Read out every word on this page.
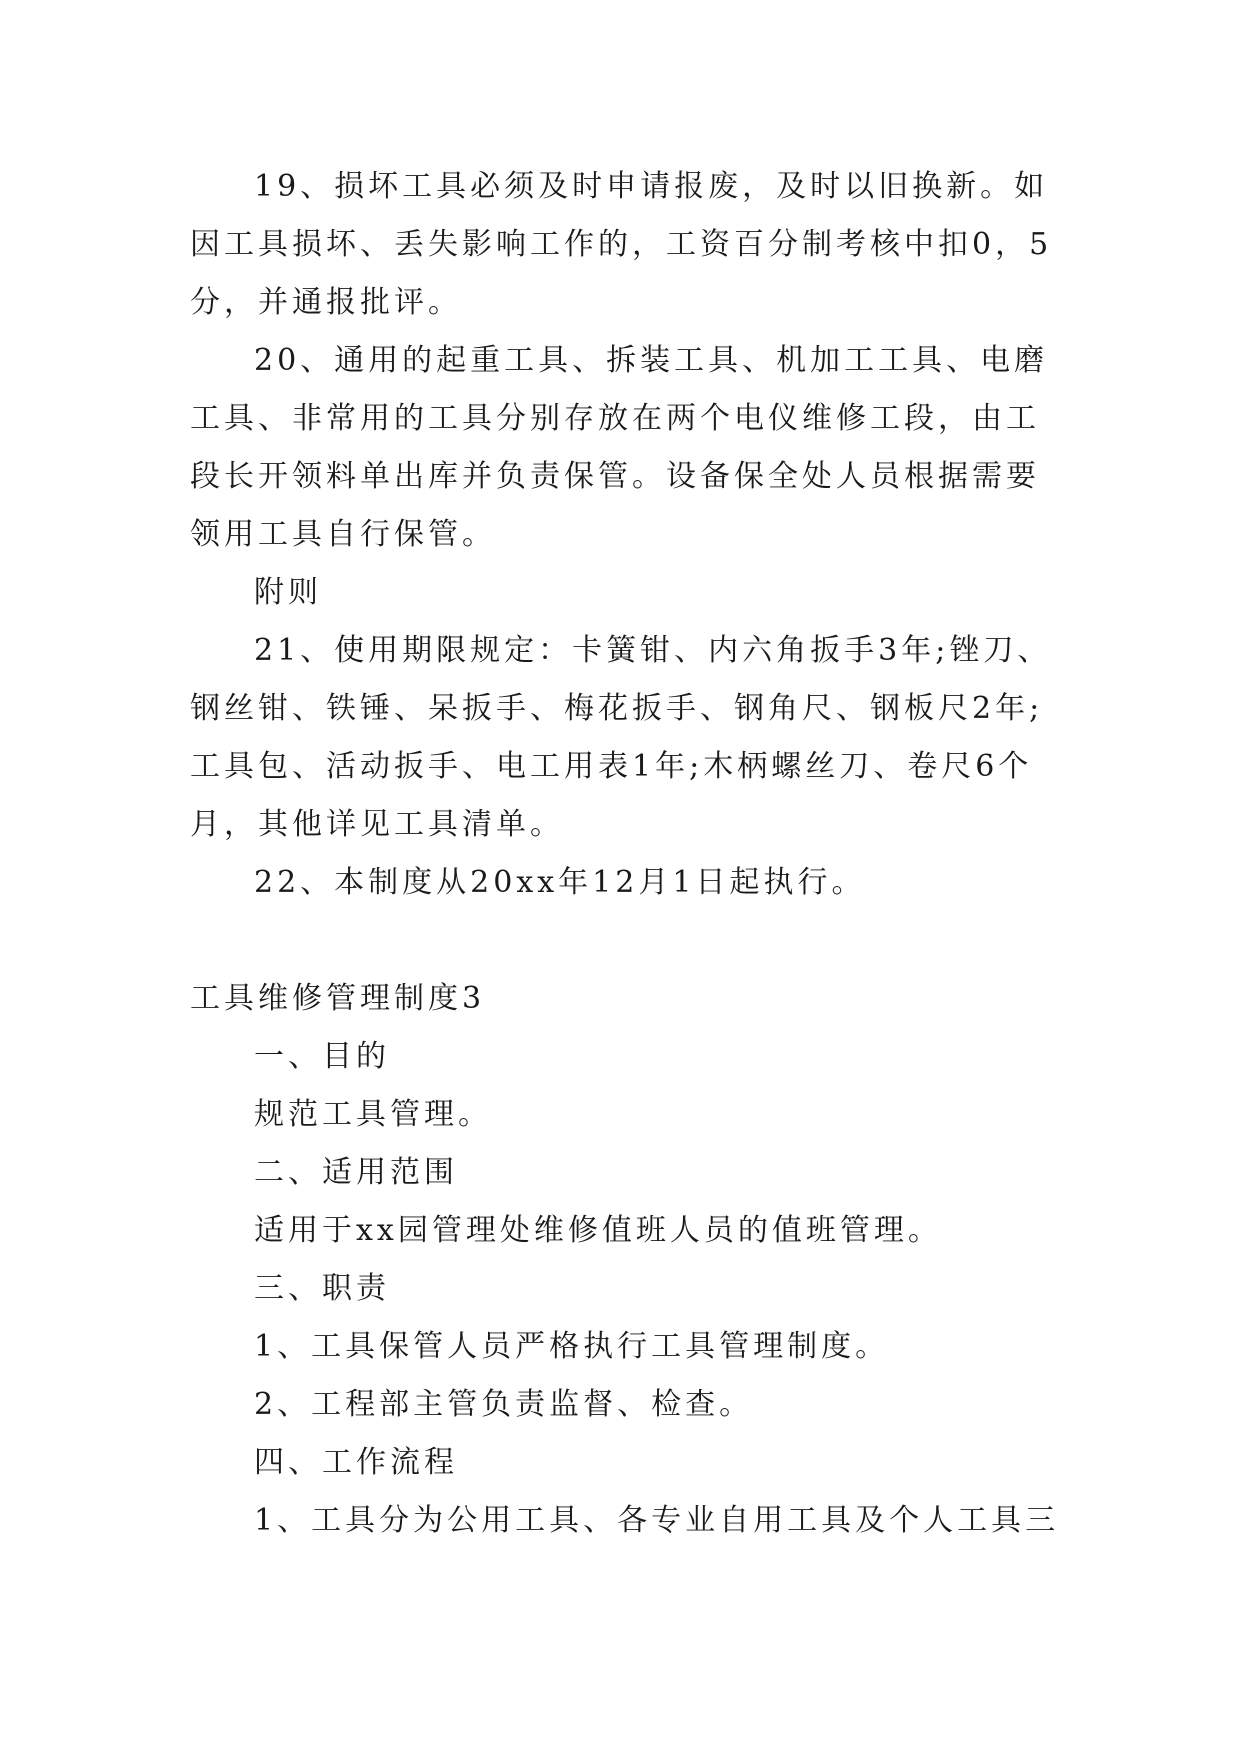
19、损坏工具必须及时申请报废，及时以旧换新。如因工具损坏、丢失影响工作的，工资百分制考核中扣0，5分，并通报批评。

20、通用的起重工具、拆装工具、机加工工具、电磨工具、非常用的工具分别存放在两个电仪维修工段，由工段长开领料单出库并负责保管。设备保全处人员根据需要领用工具自行保管。

附则

21、使用期限规定：卡簧钳、内六角扳手3年;锉刀、钢丝钳、铁锤、呆扳手、梅花扳手、钢角尺、钢板尺2年;工具包、活动扳手、电工用表1年;木柄螺丝刀、卷尺6个月，其他详见工具清单。

22、本制度从20xx年12月1日起执行。

工具维修管理制度3

一、目的

规范工具管理。

二、适用范围

适用于xx园管理处维修值班人员的值班管理。

三、职责

1、工具保管人员严格执行工具管理制度。

2、工程部主管负责监督、检查。

四、工作流程

1、工具分为公用工具、各专业自用工具及个人工具三
